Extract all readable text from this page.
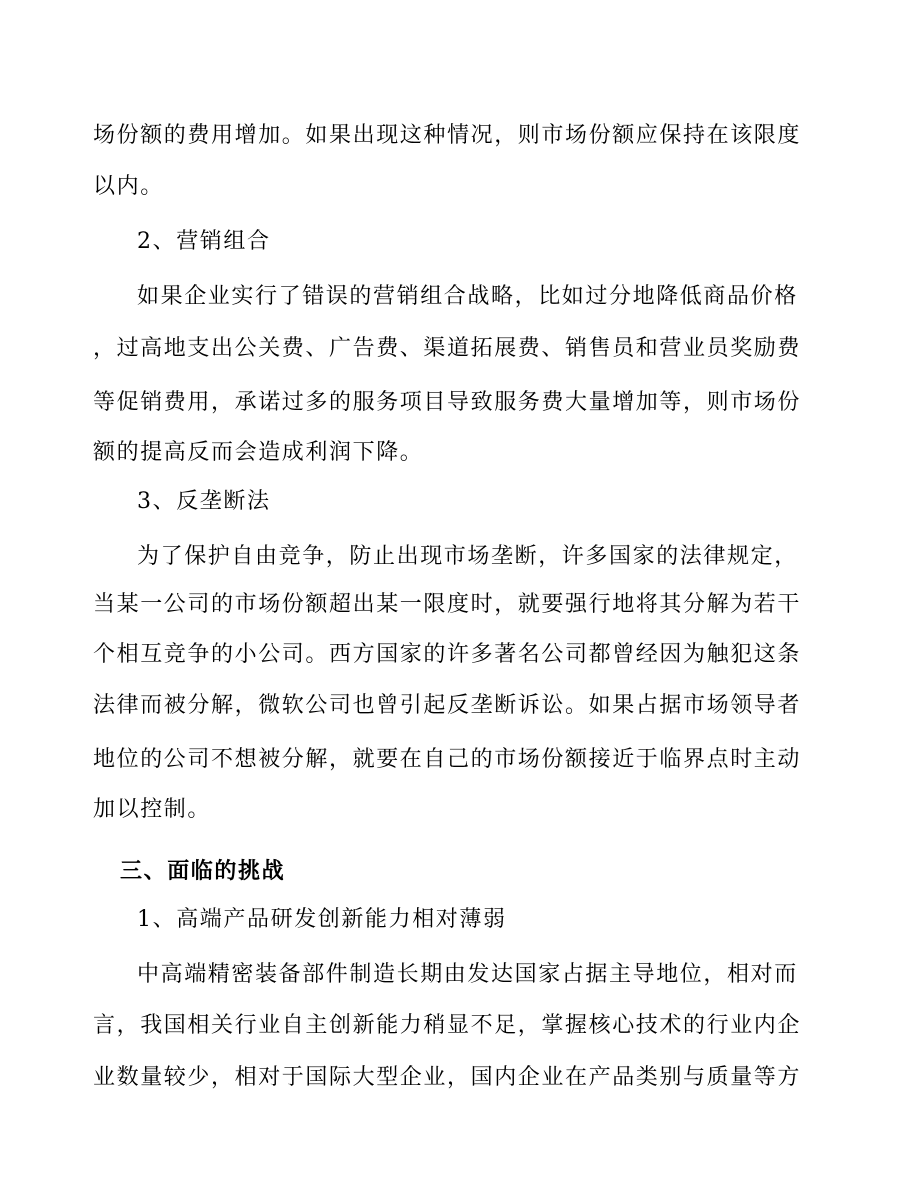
场份额的费用增加。如果出现这种情况，则市场份额应保持在该限度
以内。
2、营销组合
如果企业实行了错误的营销组合战略，比如过分地降低商品价格
，过高地支出公关费、广告费、渠道拓展费、销售员和营业员奖励费
等促销费用，承诺过多的服务项目导致服务费大量增加等，则市场份
额的提高反而会造成利润下降。
3、反垄断法
为了保护自由竞争，防止出现市场垄断，许多国家的法律规定，
当某一公司的市场份额超出某一限度时，就要强行地将其分解为若干
个相互竞争的小公司。西方国家的许多著名公司都曾经因为触犯这条
法律而被分解，微软公司也曾引起反垄断诉讼。如果占据市场领导者
地位的公司不想被分解，就要在自己的市场份额接近于临界点时主动
加以控制。
三、面临的挑战
1、高端产品研发创新能力相对薄弱
中高端精密装备部件制造长期由发达国家占据主导地位，相对而
言，我国相关行业自主创新能力稍显不足，掌握核心技术的行业内企
业数量较少，相对于国际大型企业，国内企业在产品类别与质量等方
